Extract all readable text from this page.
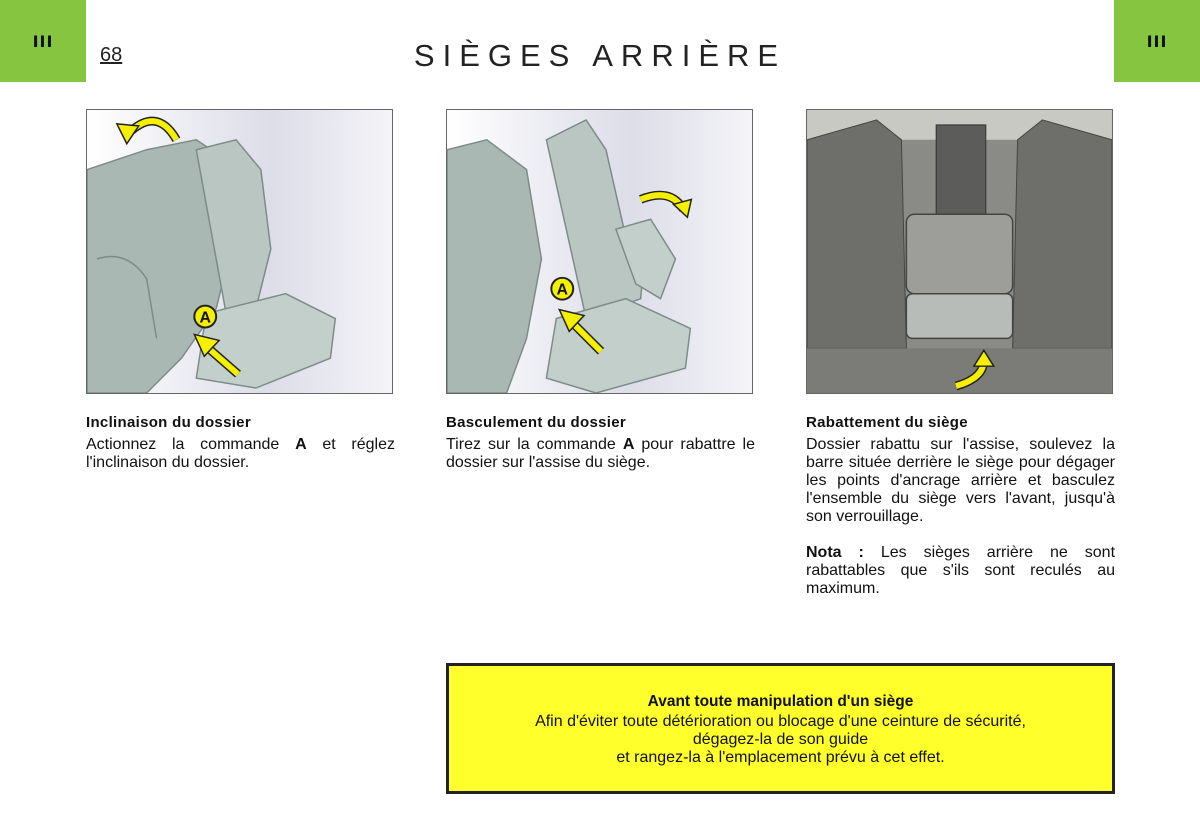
III	III
68	SIÈGES ARRIÈRE
A
A
Inclinaison du dossier

Actionnez la commande A et réglez l'inclinaison du dossier.

Basculement du dossier

Tirez sur la commande A pour rabattre le dossier sur l'assise du siège.

Rabattement du siège

Dossier rabattu sur l'assise, soulevez la barre située derrière le siège pour dégager les points d'ancrage arrière et basculez l'ensemble du siège vers l'avant, jusqu'à son verrouillage.

Nota : Les sièges arrière ne sont rabattables que s'ils sont reculés au maximum.

Avant toute manipulation d'un siège
Afin d'éviter toute détérioration ou blocage d'une ceinture de sécurité,
dégagez-la de son guide
et rangez-la à l'emplacement prévu à cet effet.
